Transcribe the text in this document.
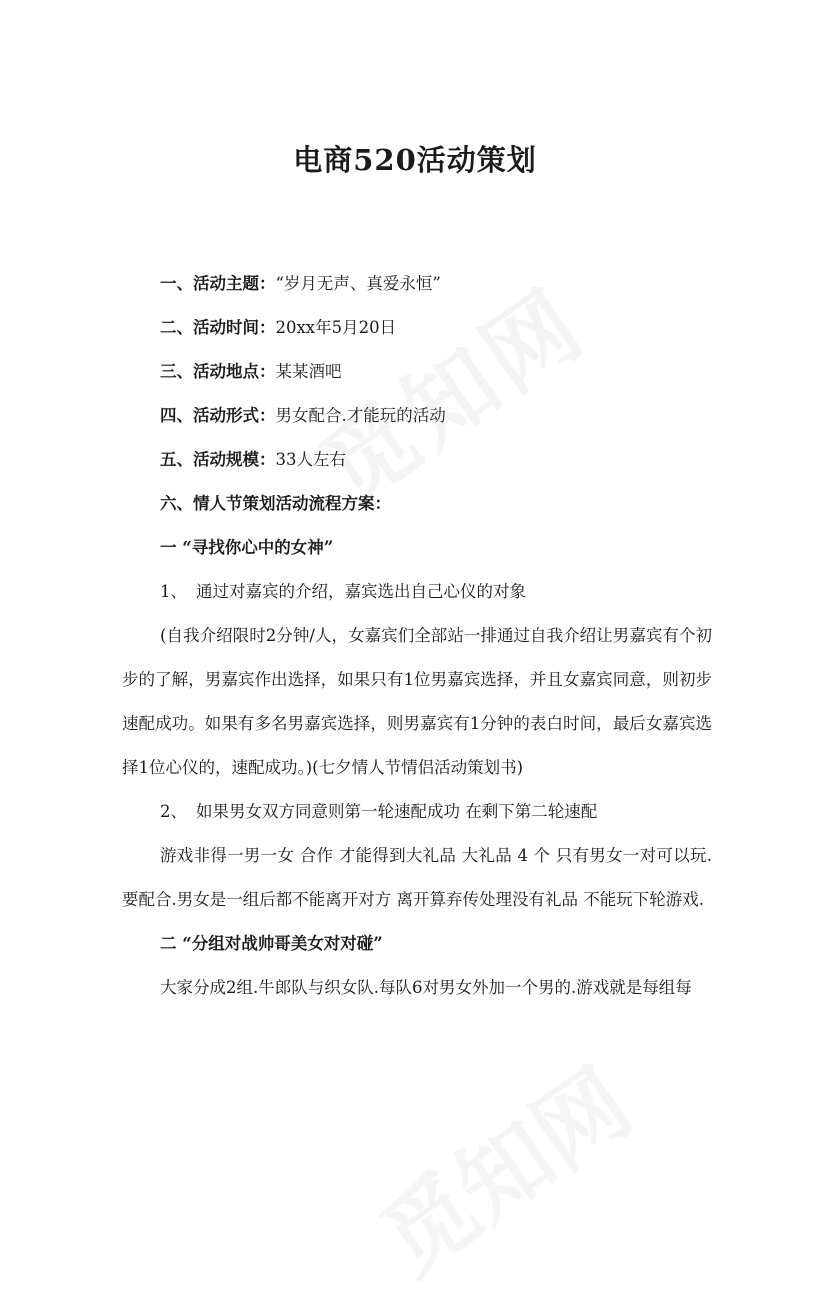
电商520活动策划

一、活动主题：“岁月无声、真爱永恒”

二、活动时间：20xx年5月20日

三、活动地点：某某酒吧

四、活动形式：男女配合.才能玩的活动

五、活动规模：33人左右

六、情人节策划活动流程方案：

一 “寻找你心中的女神”

1、 通过对嘉宾的介绍，嘉宾选出自己心仪的对象

(自我介绍限时2分钟/人，女嘉宾们全部站一排通过自我介绍让男嘉宾有个初步的了解，男嘉宾作出选择，如果只有1位男嘉宾选择，并且女嘉宾同意，则初步速配成功。如果有多名男嘉宾选择，则男嘉宾有1分钟的表白时间，最后女嘉宾选择1位心仪的，速配成功。)(七夕情人节情侣活动策划书)

2、 如果男女双方同意则第一轮速配成功 在剩下第二轮速配

游戏非得一男一女 合作 才能得到大礼品 大礼品 4 个 只有男女一对可以玩.要配合.男女是一组后都不能离开对方 离开算弃传处理没有礼品 不能玩下轮游戏.

二 “分组对战帅哥美女对对碰”

大家分成2组.牛郎队与织女队.每队6对男女外加一个男的.游戏就是每组每
